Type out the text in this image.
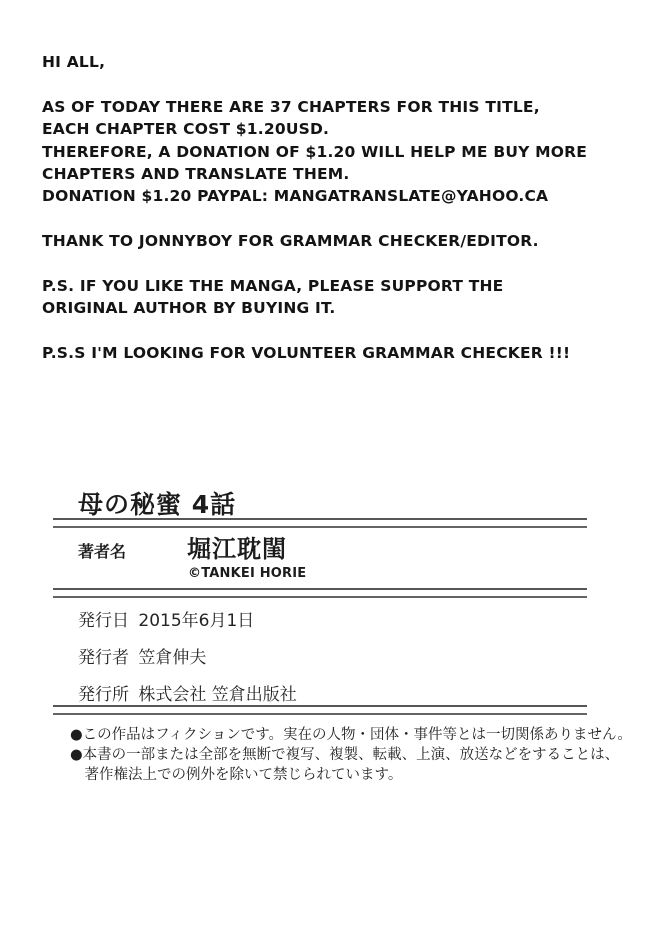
HI ALL,
AS OF TODAY THERE ARE 37 CHAPTERS FOR THIS TITLE,
EACH CHAPTER COST $1.20USD.
THEREFORE, A DONATION OF $1.20 WILL HELP ME BUY MORE
CHAPTERS AND TRANSLATE THEM.
DONATION $1.20 PAYPAL: MANGATRANSLATE@YAHOO.CA
THANK TO JONNYBOY FOR GRAMMAR CHECKER/EDITOR.
P.S. IF YOU LIKE THE MANGA, PLEASE SUPPORT THE
ORIGINAL AUTHOR BY BUYING IT.
P.S.S I'M LOOKING FOR VOLUNTEER GRAMMAR CHECKER !!!
母の秘蜜 4話
著者名	堀江耽閨
©TANKEI HORIE
発行日 2015年6月1日
発行者 笠倉伸夫
発行所 株式会社 笠倉出版社
●この作品はフィクションです。実在の人物・団体・事件等とは一切関係ありません。
●本書の一部または全部を無断で複写、複製、転載、上演、放送などをすることは、
　著作権法上での例外を除いて禁じられています。
